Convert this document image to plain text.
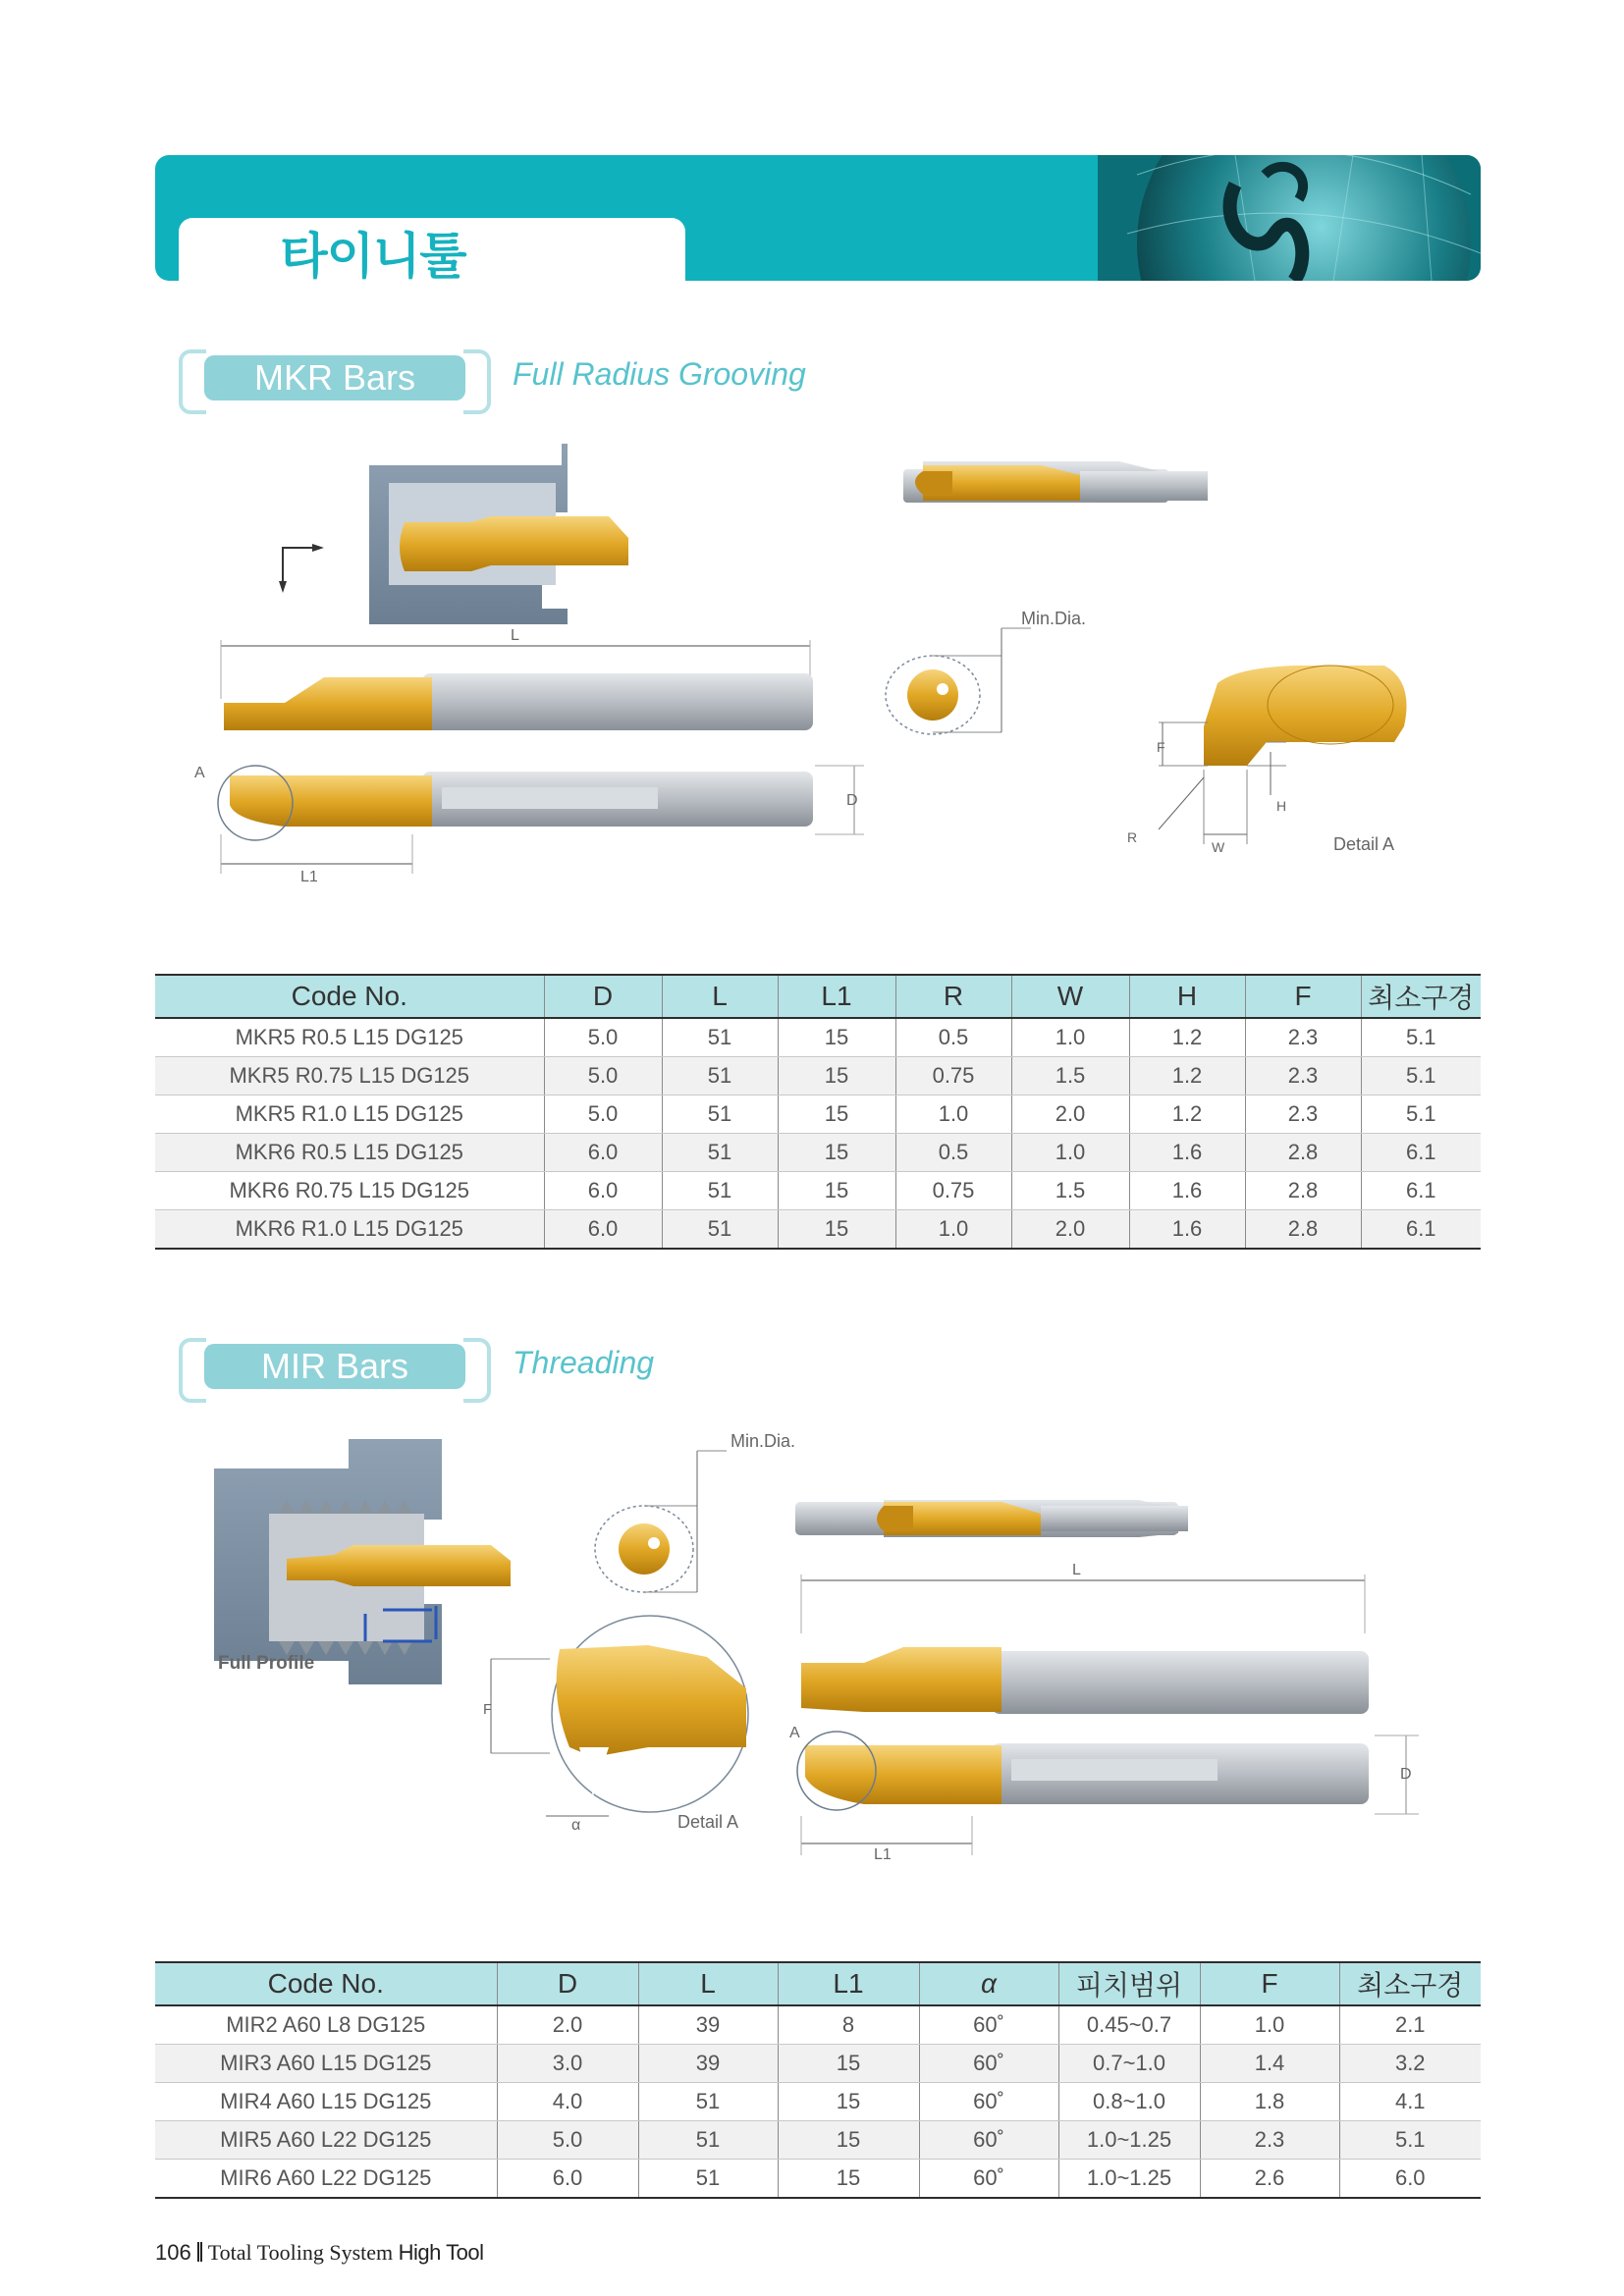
타이니툴
MKR Bars	Full Radius Grooving
L
A
L1
D
Min.Dia.
F
H
W
R	Detail A
Code No.	D	L	L1	R	W	H	F	최소구경
MKR5 R0.5 L15 DG125	5.0	51	15	0.5	1.0	1.2	2.3	5.1
MKR5 R0.75 L15 DG125	5.0	51	15	0.75	1.5	1.2	2.3	5.1
MKR5 R1.0 L15 DG125	5.0	51	15	1.0	2.0	1.2	2.3	5.1
MKR6 R0.5 L15 DG125	6.0	51	15	0.5	1.0	1.6	2.8	6.1
MKR6 R0.75 L15 DG125	6.0	51	15	0.75	1.5	1.6	2.8	6.1
MKR6 R1.0 L15 DG125	6.0	51	15	1.0	2.0	1.6	2.8	6.1
MIR Bars	Threading
Full Profile
Min.Dia.
F
α	Detail A
L
A
L1
D
Code No.	D	L	L1	α	피치범위	F	최소구경
MIR2 A60 L8 DG125	2.0	39	8	60˚	0.45~0.7	1.0	2.1
MIR3 A60 L15 DG125	3.0	39	15	60˚	0.7~1.0	1.4	3.2
MIR4 A60 L15 DG125	4.0	51	15	60˚	0.8~1.0	1.8	4.1
MIR5 A60 L22 DG125	5.0	51	15	60˚	1.0~1.25	2.3	5.1
MIR6 A60 L22 DG125	6.0	51	15	60˚	1.0~1.25	2.6	6.0
106 Total Tooling System High Tool
